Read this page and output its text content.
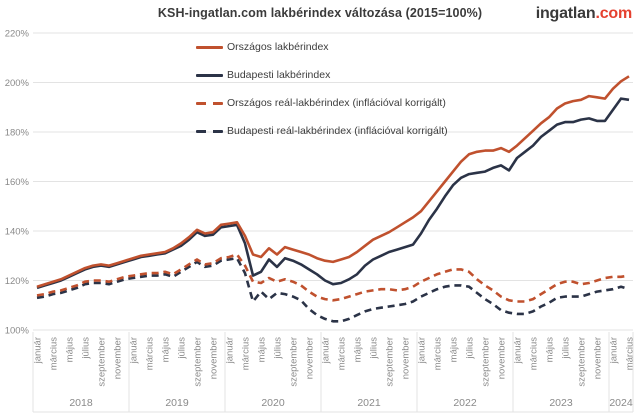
KSH-ingatlan.com lakbérindex változása (2015=100%)	ingatlan.com
100%
120%
140%
160%
180%
200%
220%
január március május július szeptember november
2018
január március május július szeptember november
2019
január március május július szeptember november
2020
január március május július szeptember november
2021
január március május július szeptember november
2022
január március május július szeptember november
2023
január március
2024
Országos lakbérindex
Budapesti lakbérindex
Országos reál-lakbérindex (inflációval korrigált)
Budapesti reál-lakbérindex (inflációval korrigált)
